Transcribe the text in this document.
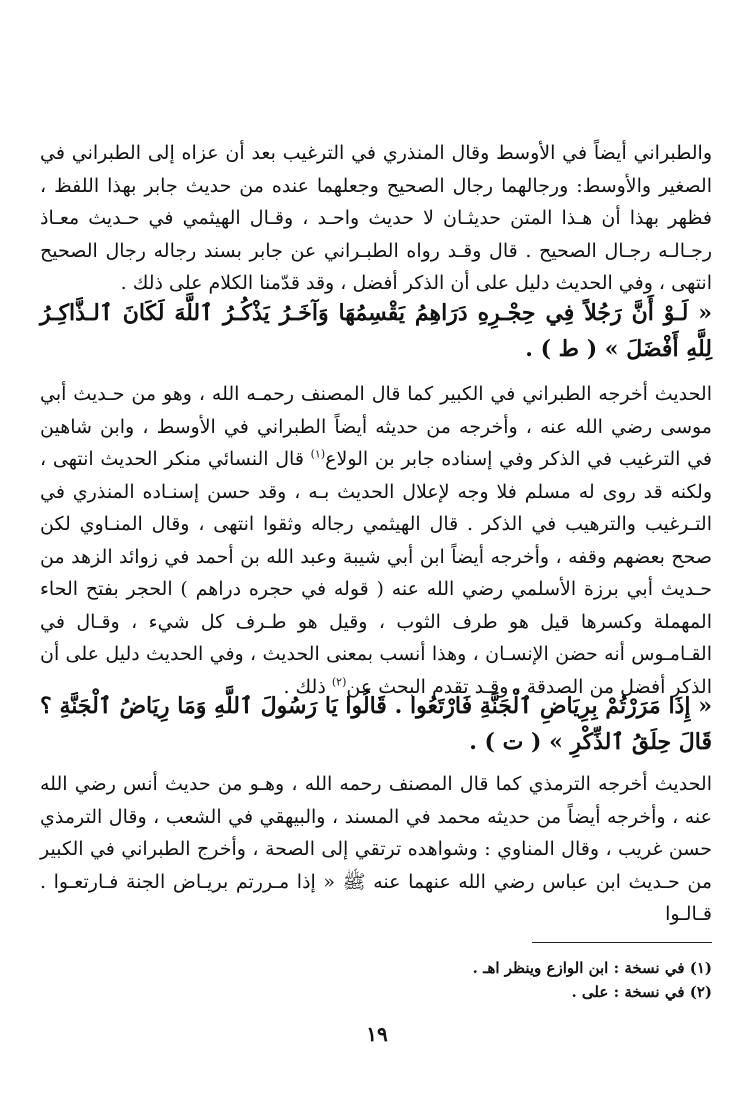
والطبراني أيضاً في الأوسط وقال المنذري في الترغيب بعد أن عزاه إلى الطبراني في الصغير والأوسط: ورجالهما رجال الصحيح وجعلهما عنده من حديث جابر بهذا اللفظ ، فظهر بهذا أن هـذا المتن حديثـان لا حديث واحـد ، وقـال الهيثمي في حـديث معـاذ رجـالـه رجـال الصحيح . قال وقـد رواه الطبـراني عن جابر بسند رجاله رجال الصحيح انتهى ، وفي الحديث دليل على أن الذكر أفضل ، وقد قدّمنا الكلام على ذلك .

« لَـوْ أَنَّ رَجُلاً فِي حِجْـرِهِ دَرَاهِمُ يَقْسِمُهَا وَآخَـرُ يَذْكُـرُ ٱللَّهَ لَكَانَ ٱلـذَّاكِـرُ لِلَّهِ أَفْضَلَ » ( ط ) .

الحديث أخرجه الطبراني في الكبير كما قال المصنف رحمـه الله ، وهو من حـديث أبي موسى رضي الله عنه ، وأخرجه من حديثه أيضاً الطبراني في الأوسط ، وابن شاهين في الترغيب في الذكر وفي إسناده جابر بن الولاع$^{(١)}$ قال النسائي منكر الحديث انتهى ، ولكنه قد روى له مسلم فلا وجه لإعلال الحديث بـه ، وقد حسن إسنـاده المنذري في التـرغيب والترهيب في الذكر . قال الهيثمي رجاله وثقوا انتهى ، وقال المنـاوي لكن صحح بعضهم وقفه ، وأخرجه أيضاً ابن أبي شيبة وعبد الله بن أحمد في زوائد الزهد من حـديث أبي برزة الأسلمي رضي الله عنه ( قوله في حجره دراهم ) الحجر بفتح الحاء المهملة وكسرها قيل هو طرف الثوب ، وقيل هو طـرف كل شيء ، وقـال في القـامـوس أنه حضن الإنسـان ، وهذا أنسب بمعنى الحديث ، وفي الحديث دليل على أن الذكر أفضل من الصدقة ، وقـد تقدم البحث عن$^{(٢)}$ ذلك .

« إِذَا مَرَرْتُمْ بِرِيَاضِ ٱلْجَنَّةِ فَارْتَعُوا . قَالُوا يَا رَسُولَ ٱللَّهِ وَمَا رِيَاضُ ٱلْجَنَّةِ ؟ قَالَ حِلَقُ ٱلذِّكْرِ » ( ت ) .

الحديث أخرجه الترمذي كما قال المصنف رحمه الله ، وهـو من حديث أنس رضي الله عنه ، وأخرجه أيضاً من حديثه محمد في المسند ، والبيهقي في الشعب ، وقال الترمذي حسن غريب ، وقال المناوي : وشواهده ترتقي إلى الصحة ، وأخرج الطبراني في الكبير من حـديث ابن عباس رضي الله عنهما عنه ﷺ « إذا مـررتم بريـاض الجنة فـارتعـوا . قـالـوا

(١) في نسخة : ابن الوازع وينظر اهـ .
(٢) في نسخة : على .
١٩
